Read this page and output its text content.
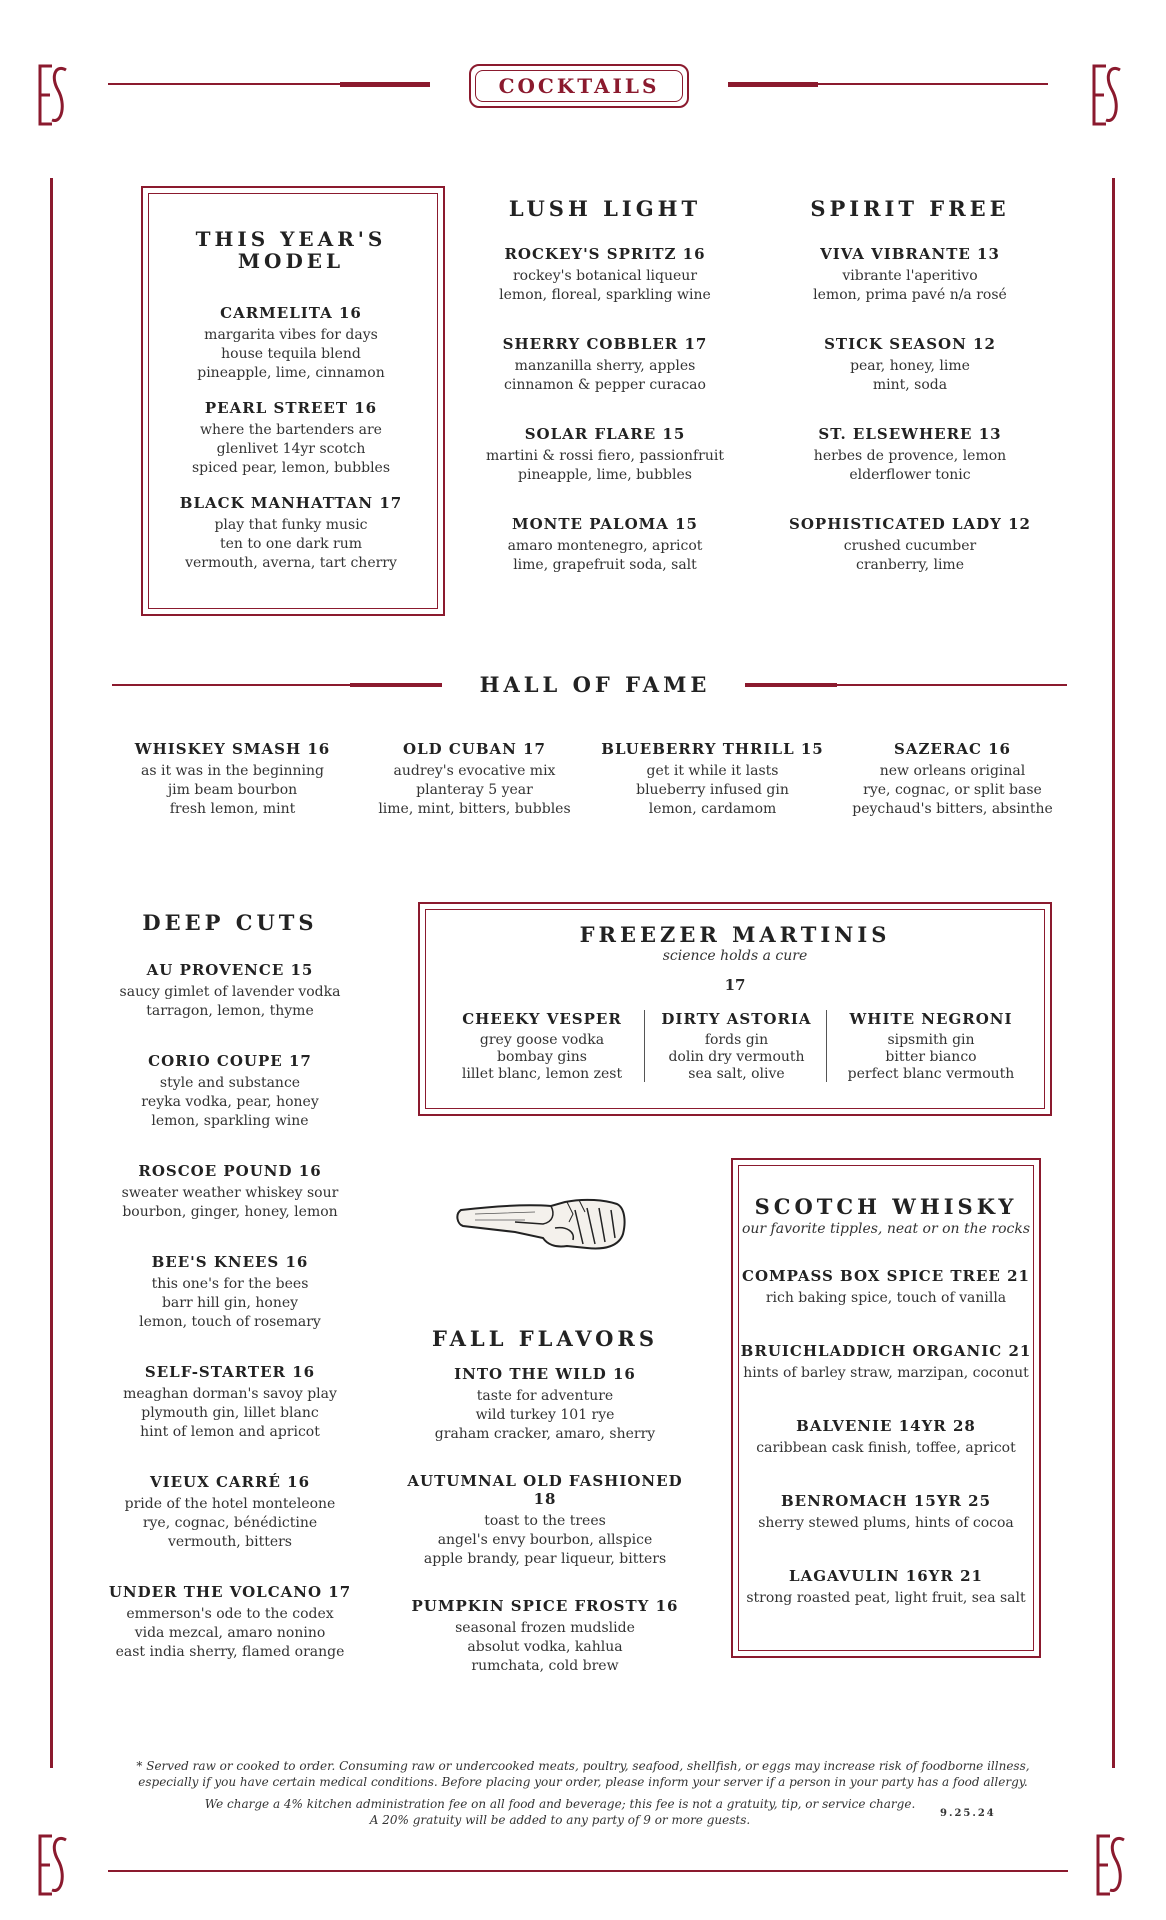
COCKTAILS
THIS YEAR'S
MODEL
CARMELITA 16
margarita vibes for days
house tequila blend
pineapple, lime, cinnamon
PEARL STREET 16
where the bartenders are
glenlivet 14yr scotch
spiced pear, lemon, bubbles
BLACK MANHATTAN 17
play that funky music
ten to one dark rum
vermouth, averna, tart cherry
LUSH LIGHT
ROCKEY'S SPRITZ 16
rockey's botanical liqueur
lemon, floreal, sparkling wine
SHERRY COBBLER 17
manzanilla sherry, apples
cinnamon & pepper curacao
SOLAR FLARE 15
martini & rossi fiero, passionfruit
pineapple, lime, bubbles
MONTE PALOMA 15
amaro montenegro, apricot
lime, grapefruit soda, salt
SPIRIT FREE
VIVA VIBRANTE 13
vibrante l'aperitivo
lemon, prima pavé n/a rosé
STICK SEASON 12
pear, honey, lime
mint, soda
ST. ELSEWHERE 13
herbes de provence, lemon
elderflower tonic
SOPHISTICATED LADY 12
crushed cucumber
cranberry, lime
HALL OF FAME
WHISKEY SMASH 16
as it was in the beginning
jim beam bourbon
fresh lemon, mint
OLD CUBAN 17
audrey's evocative mix
planteray 5 year
lime, mint, bitters, bubbles
BLUEBERRY THRILL 15
get it while it lasts
blueberry infused gin
lemon, cardamom
SAZERAC 16
new orleans original
rye, cognac, or split base
peychaud's bitters, absinthe
DEEP CUTS
AU PROVENCE 15
saucy gimlet of lavender vodka
tarragon, lemon, thyme
CORIO COUPE 17
style and substance
reyka vodka, pear, honey
lemon, sparkling wine
ROSCOE POUND 16
sweater weather whiskey sour
bourbon, ginger, honey, lemon
BEE'S KNEES 16
this one's for the bees
barr hill gin, honey
lemon, touch of rosemary
SELF-STARTER 16
meaghan dorman's savoy play
plymouth gin, lillet blanc
hint of lemon and apricot
VIEUX CARRÉ 16
pride of the hotel monteleone
rye, cognac, bénédictine
vermouth, bitters
UNDER THE VOLCANO 17
emmerson's ode to the codex
vida mezcal, amaro nonino
east india sherry, flamed orange
FREEZER MARTINIS
science holds a cure
17
CHEEKY VESPER
grey goose vodka
bombay gins
lillet blanc, lemon zest
DIRTY ASTORIA
fords gin
dolin dry vermouth
sea salt, olive
WHITE NEGRONI
sipsmith gin
bitter bianco
perfect blanc vermouth
FALL FLAVORS
INTO THE WILD 16
taste for adventure
wild turkey 101 rye
graham cracker, amaro, sherry
AUTUMNAL OLD FASHIONED 18
toast to the trees
angel's envy bourbon, allspice
apple brandy, pear liqueur, bitters
PUMPKIN SPICE FROSTY 16
seasonal frozen mudslide
absolut vodka, kahlua
rumchata, cold brew
SCOTCH WHISKY
our favorite tipples, neat or on the rocks
COMPASS BOX SPICE TREE 21
rich baking spice, touch of vanilla
BRUICHLADDICH ORGANIC 21
hints of barley straw, marzipan, coconut
BALVENIE 14YR 28
caribbean cask finish, toffee, apricot
BENROMACH 15YR 25
sherry stewed plums, hints of cocoa
LAGAVULIN 16YR 21
strong roasted peat, light fruit, sea salt
* Served raw or cooked to order. Consuming raw or undercooked meats, poultry, seafood, shellfish, or eggs may increase risk of foodborne illness,
especially if you have certain medical conditions. Before placing your order, please inform your server if a person in your party has a food allergy.
We charge a 4% kitchen administration fee on all food and beverage; this fee is not a gratuity, tip, or service charge.
A 20% gratuity will be added to any party of 9 or more guests.	9.25.24
